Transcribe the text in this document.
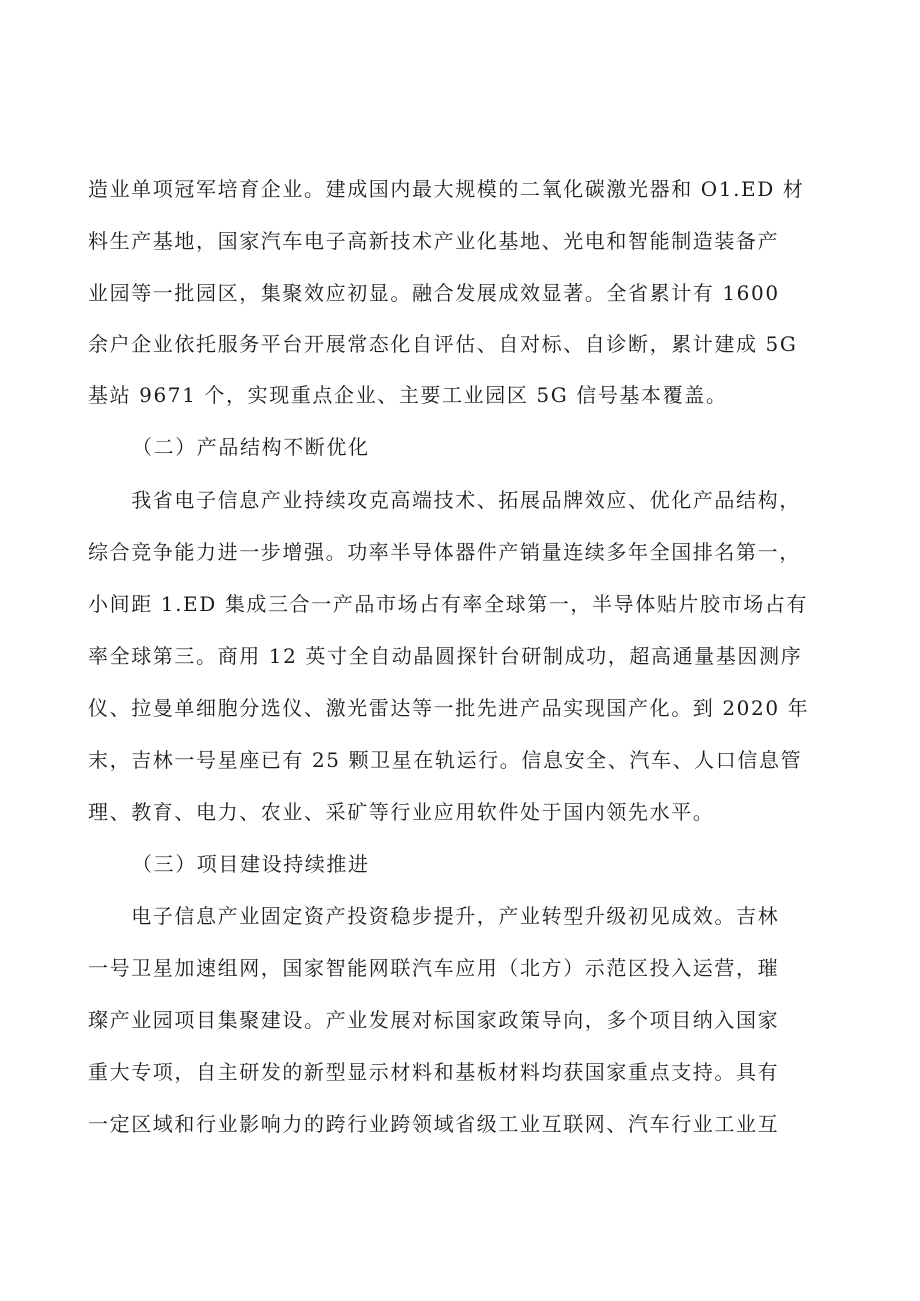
造业单项冠军培育企业。建成国内最大规模的二氧化碳激光器和 O1.ED 材
料生产基地，国家汽车电子高新技术产业化基地、光电和智能制造装备产
业园等一批园区，集聚效应初显。融合发展成效显著。全省累计有 1600
余户企业依托服务平台开展常态化自评估、自对标、自诊断，累计建成 5G
基站 9671 个，实现重点企业、主要工业园区 5G 信号基本覆盖。
（二）产品结构不断优化
　　我省电子信息产业持续攻克高端技术、拓展品牌效应、优化产品结构，
综合竞争能力进一步增强。功率半导体器件产销量连续多年全国排名第一，
小间距 1.ED 集成三合一产品市场占有率全球第一，半导体贴片胶市场占有
率全球第三。商用 12 英寸全自动晶圆探针台研制成功，超高通量基因测序
仪、拉曼单细胞分选仪、激光雷达等一批先进产品实现国产化。到 2020 年
末，吉林一号星座已有 25 颗卫星在轨运行。信息安全、汽车、人口信息管
理、教育、电力、农业、采矿等行业应用软件处于国内领先水平。
（三）项目建设持续推进
　　电子信息产业固定资产投资稳步提升，产业转型升级初见成效。吉林
一号卫星加速组网，国家智能网联汽车应用（北方）示范区投入运营，璀
璨产业园项目集聚建设。产业发展对标国家政策导向，多个项目纳入国家
重大专项，自主研发的新型显示材料和基板材料均获国家重点支持。具有
一定区域和行业影响力的跨行业跨领域省级工业互联网、汽车行业工业互
